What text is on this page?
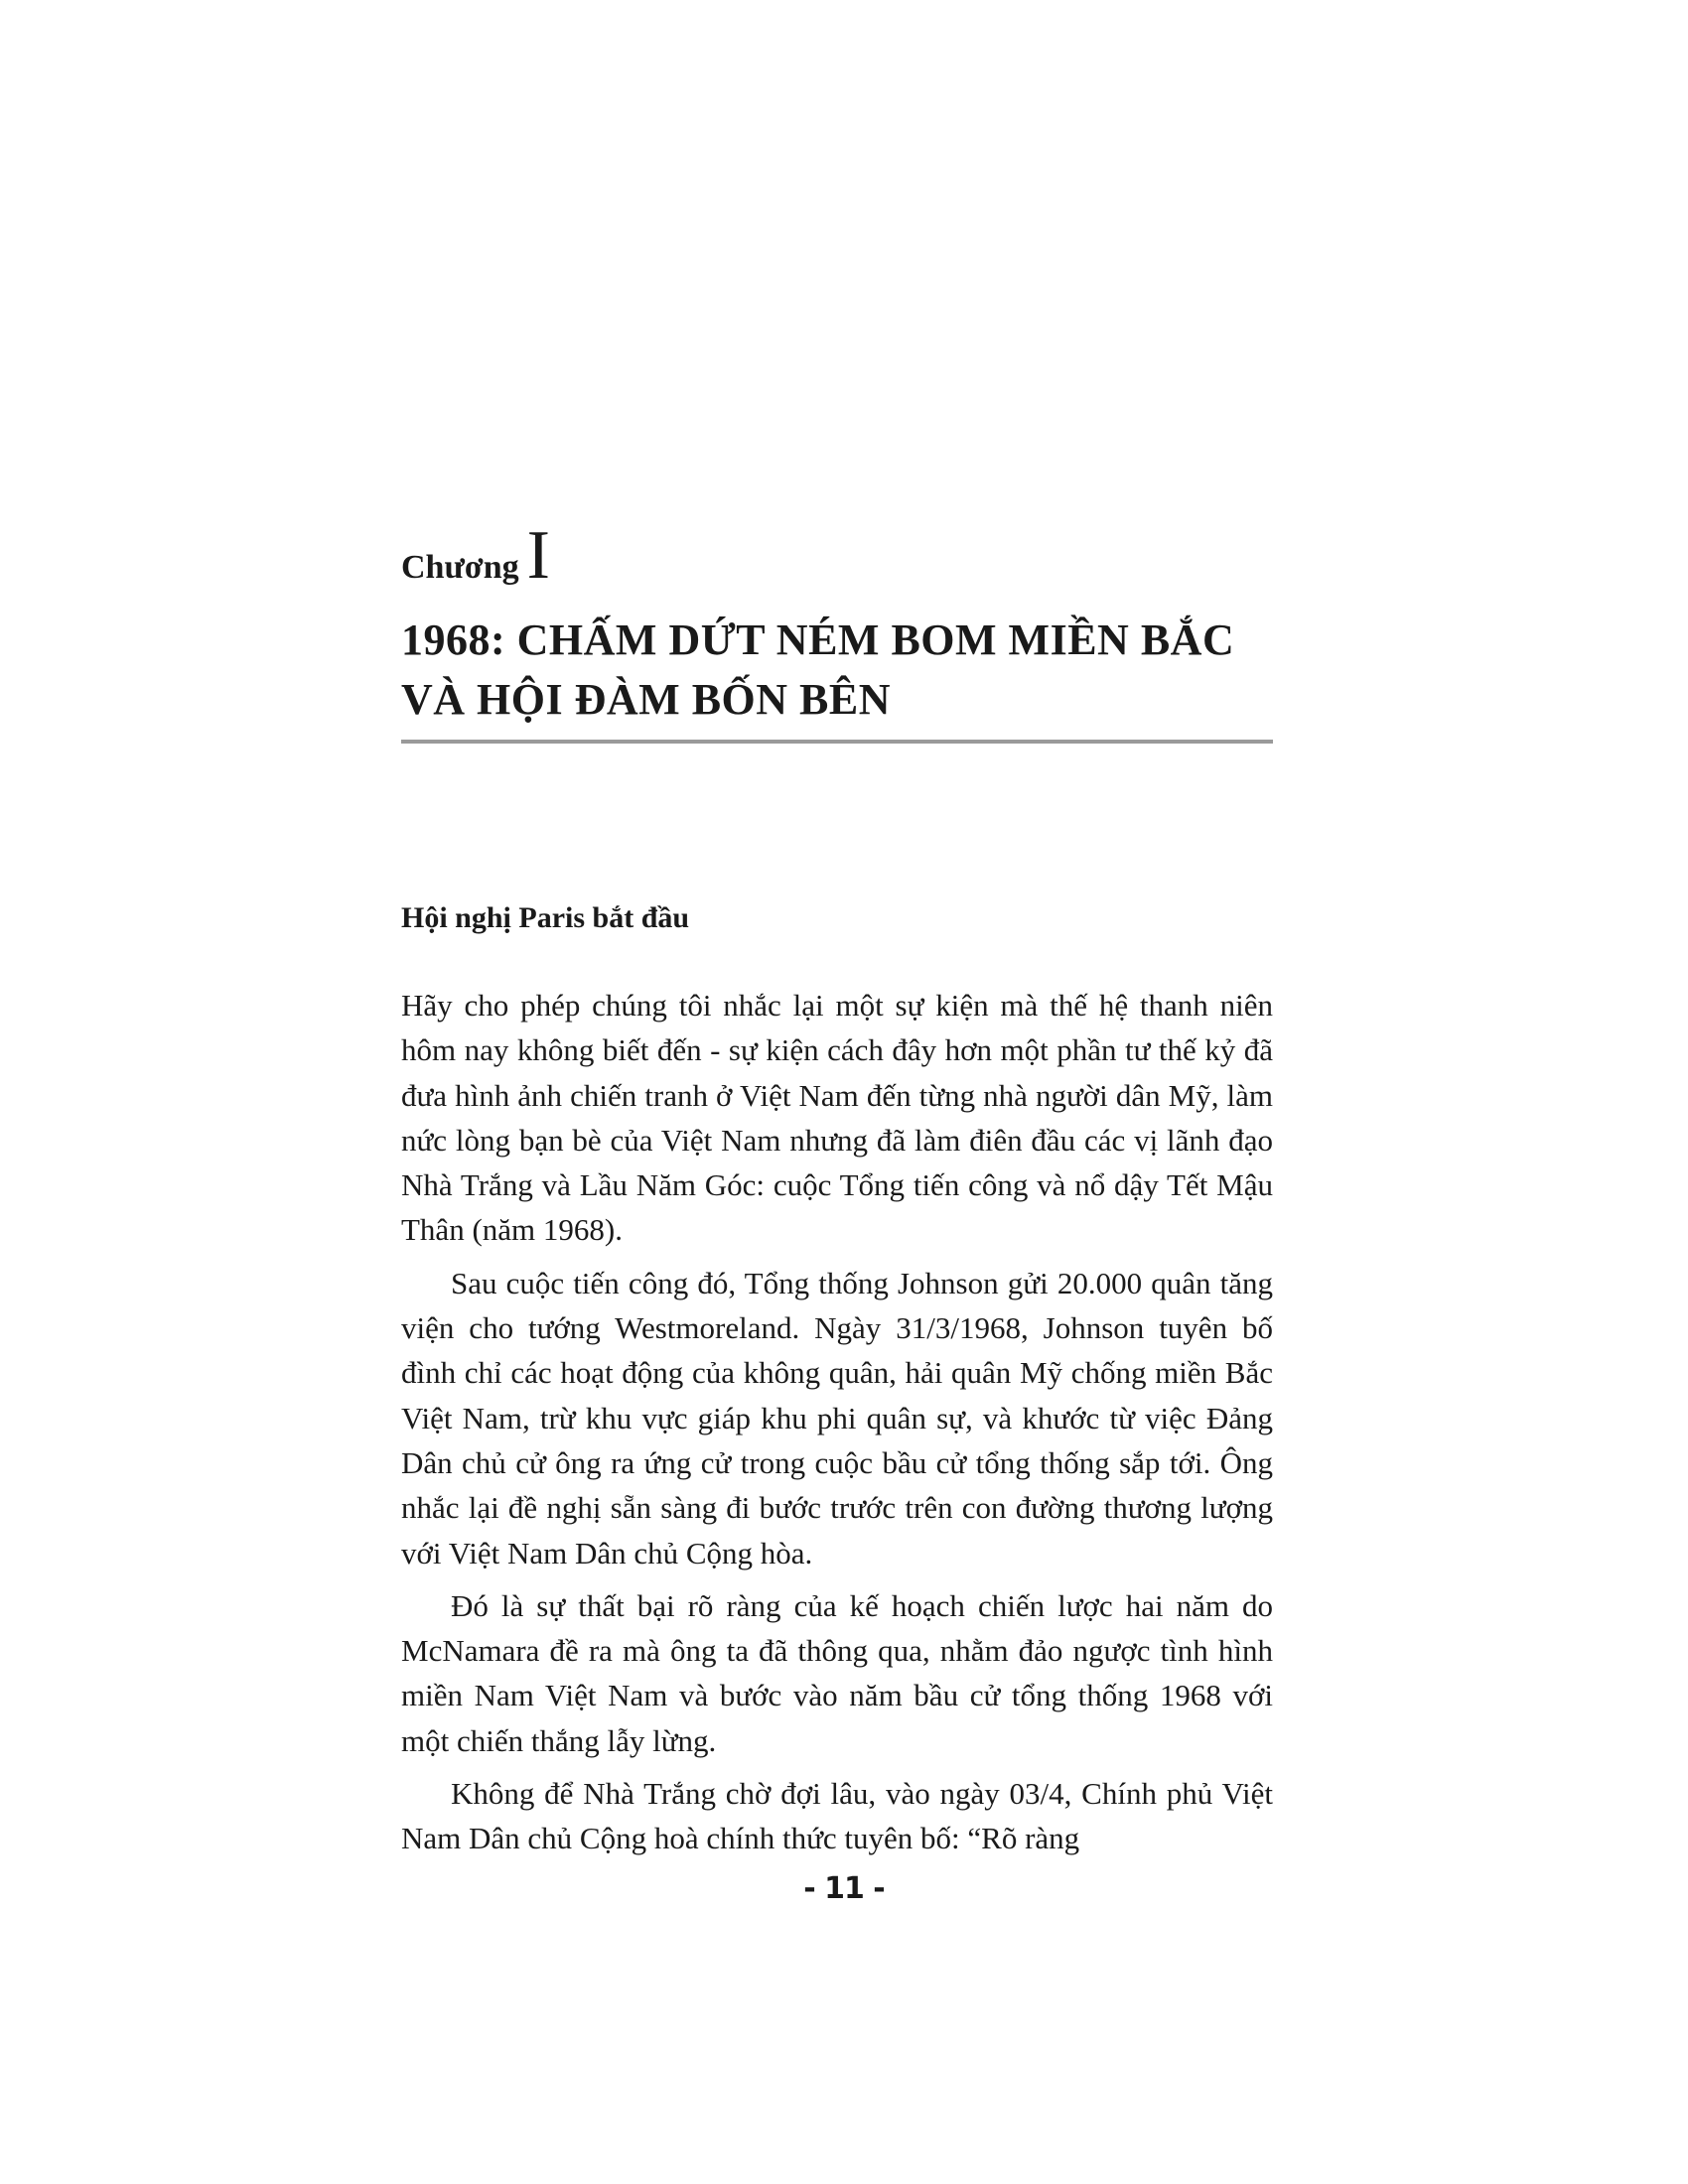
Chương I
1968: CHẤM DỨT NÉM BOM MIỀN BẮC
VÀ HỘI ĐÀM BỐN BÊN
Hội nghị Paris bắt đầu

Hãy cho phép chúng tôi nhắc lại một sự kiện mà thế hệ thanh niên hôm nay không biết đến - sự kiện cách đây hơn một phần tư thế kỷ đã đưa hình ảnh chiến tranh ở Việt Nam đến từng nhà người dân Mỹ, làm nức lòng bạn bè của Việt Nam nhưng đã làm điên đầu các vị lãnh đạo Nhà Trắng và Lầu Năm Góc: cuộc Tổng tiến công và nổ dậy Tết Mậu Thân (năm 1968).

Sau cuộc tiến công đó, Tổng thống Johnson gửi 20.000 quân tăng viện cho tướng Westmoreland. Ngày 31/3/1968, Johnson tuyên bố đình chỉ các hoạt động của không quân, hải quân Mỹ chống miền Bắc Việt Nam, trừ khu vực giáp khu phi quân sự, và khước từ việc Đảng Dân chủ cử ông ra ứng cử trong cuộc bầu cử tổng thống sắp tới. Ông nhắc lại đề nghị sẵn sàng đi bước trước trên con đường thương lượng với Việt Nam Dân chủ Cộng hòa.

Đó là sự thất bại rõ ràng của kế hoạch chiến lược hai năm do McNamara đề ra mà ông ta đã thông qua, nhằm đảo ngược tình hình miền Nam Việt Nam và bước vào năm bầu cử tổng thống 1968 với một chiến thắng lẫy lừng.

Không để Nhà Trắng chờ đợi lâu, vào ngày 03/4, Chính phủ Việt Nam Dân chủ Cộng hoà chính thức tuyên bố: “Rõ ràng

- 11 -
